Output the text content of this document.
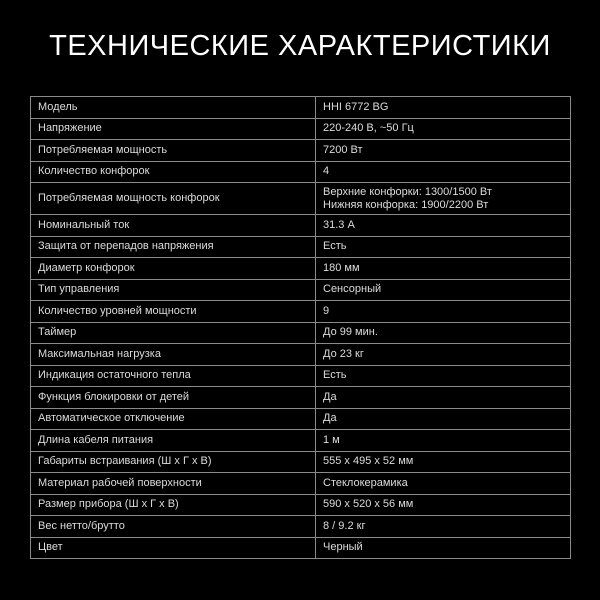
ТЕХНИЧЕСКИЕ ХАРАКТЕРИСТИКИ
Модель	HHI 6772 BG

Напряжение	220-240 В, ~50 Гц

Потребляемая мощность	7200 Вт

Количество конфорок	4

Потребляемая мощность конфорок	Верхние конфорки: 1300/1500 Вт
Нижняя конфорка: 1900/2200 Вт

Номинальный ток	31.3 А

Защита от перепадов напряжения	Есть

Диаметр конфорок	180 мм

Тип управления	Сенсорный

Количество уровней мощности	9

Таймер	До 99 мин.

Максимальная нагрузка	До 23 кг

Индикация остаточного тепла	Есть

Функция блокировки от детей	Да

Автоматическое отключение	Да

Длина кабеля питания	1 м

Габариты встраивания (Ш х Г х В)	555 х 495 х 52 мм

Материал рабочей поверхности	Стеклокерамика

Размер прибора (Ш х Г х В)	590 х 520 х 56 мм

Вес нетто/брутто	8 / 9.2 кг

Цвет	Черный
